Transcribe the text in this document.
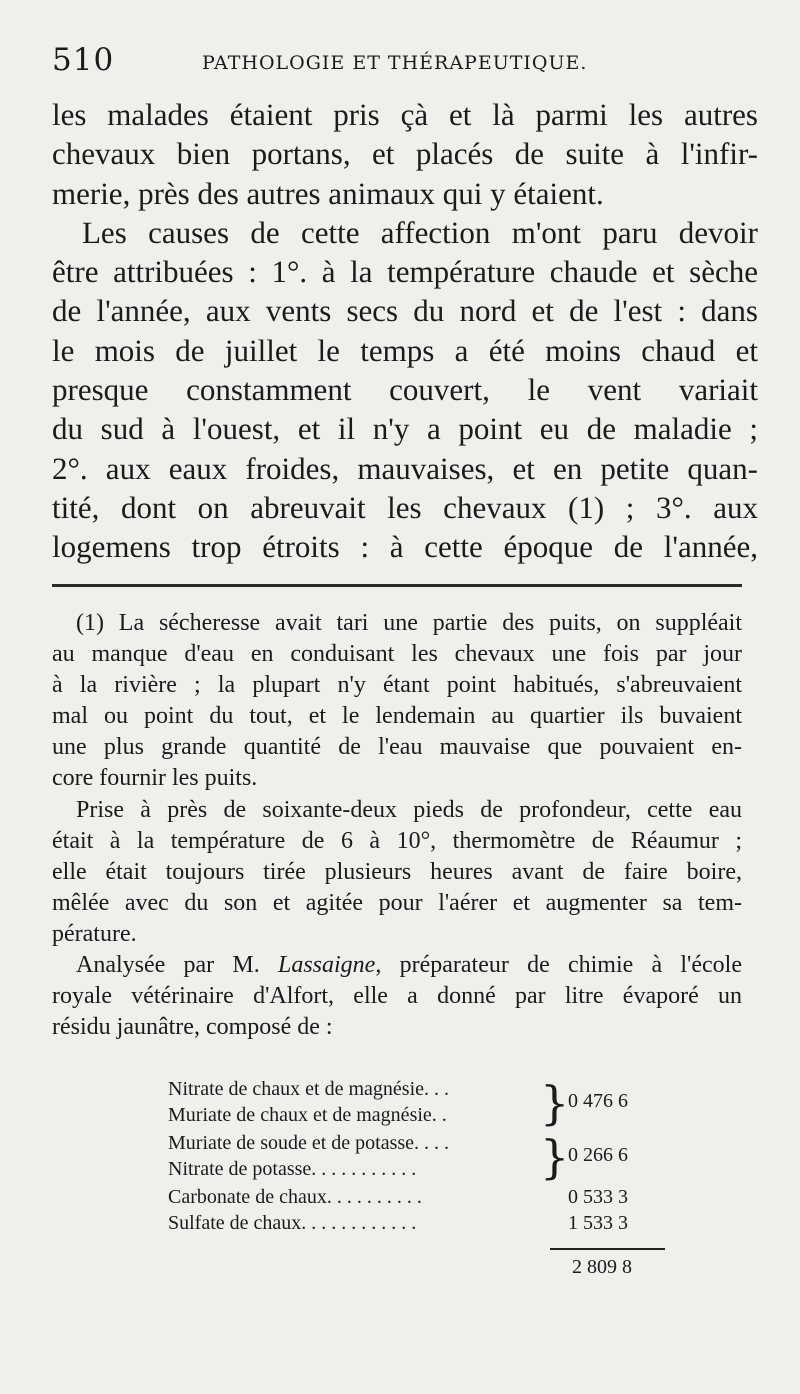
510	PATHOLOGIE ET THÉRAPEUTIQUE.
les malades étaient pris çà et là parmi les autres
chevaux bien portans, et placés de suite à l'infir-
merie, près des autres animaux qui y étaient.
Les causes de cette affection m'ont paru devoir
être attribuées : 1°. à la température chaude et sèche
de l'année, aux vents secs du nord et de l'est : dans
le mois de juillet le temps a été moins chaud et
presque constamment couvert, le vent variait
du sud à l'ouest, et il n'y a point eu de maladie ;
2°. aux eaux froides, mauvaises, et en petite quan-
tité, dont on abreuvait les chevaux (1) ; 3°. aux
logemens trop étroits : à cette époque de l'année,
(1) La sécheresse avait tari une partie des puits, on suppléait
au manque d'eau en conduisant les chevaux une fois par jour
à la rivière ; la plupart n'y étant point habitués, s'abreuvaient
mal ou point du tout, et le lendemain au quartier ils buvaient
une plus grande quantité de l'eau mauvaise que pouvaient en-
core fournir les puits.
Prise à près de soixante-deux pieds de profondeur, cette eau
était à la température de 6 à 10°, thermomètre de Réaumur ;
elle était toujours tirée plusieurs heures avant de faire boire,
mêlée avec du son et agitée pour l'aérer et augmenter sa tem-
pérature.
Analysée par M. Lassaigne, préparateur de chimie à l'école
royale vétérinaire d'Alfort, elle a donné par litre évaporé un
résidu jaunâtre, composé de :
Nitrate de chaux et de magnésie. . .
Muriate de chaux et de magnésie. . }
0 476 6
Muriate de soude et de potasse. . . .
Nitrate de potasse. . . . . . . . . . .	}
0 266 6
Carbonate de chaux. . . . . . . . . .	0 533 3
Sulfate de chaux. . . . . . . . . . . .	1 533 3
2 809 8
